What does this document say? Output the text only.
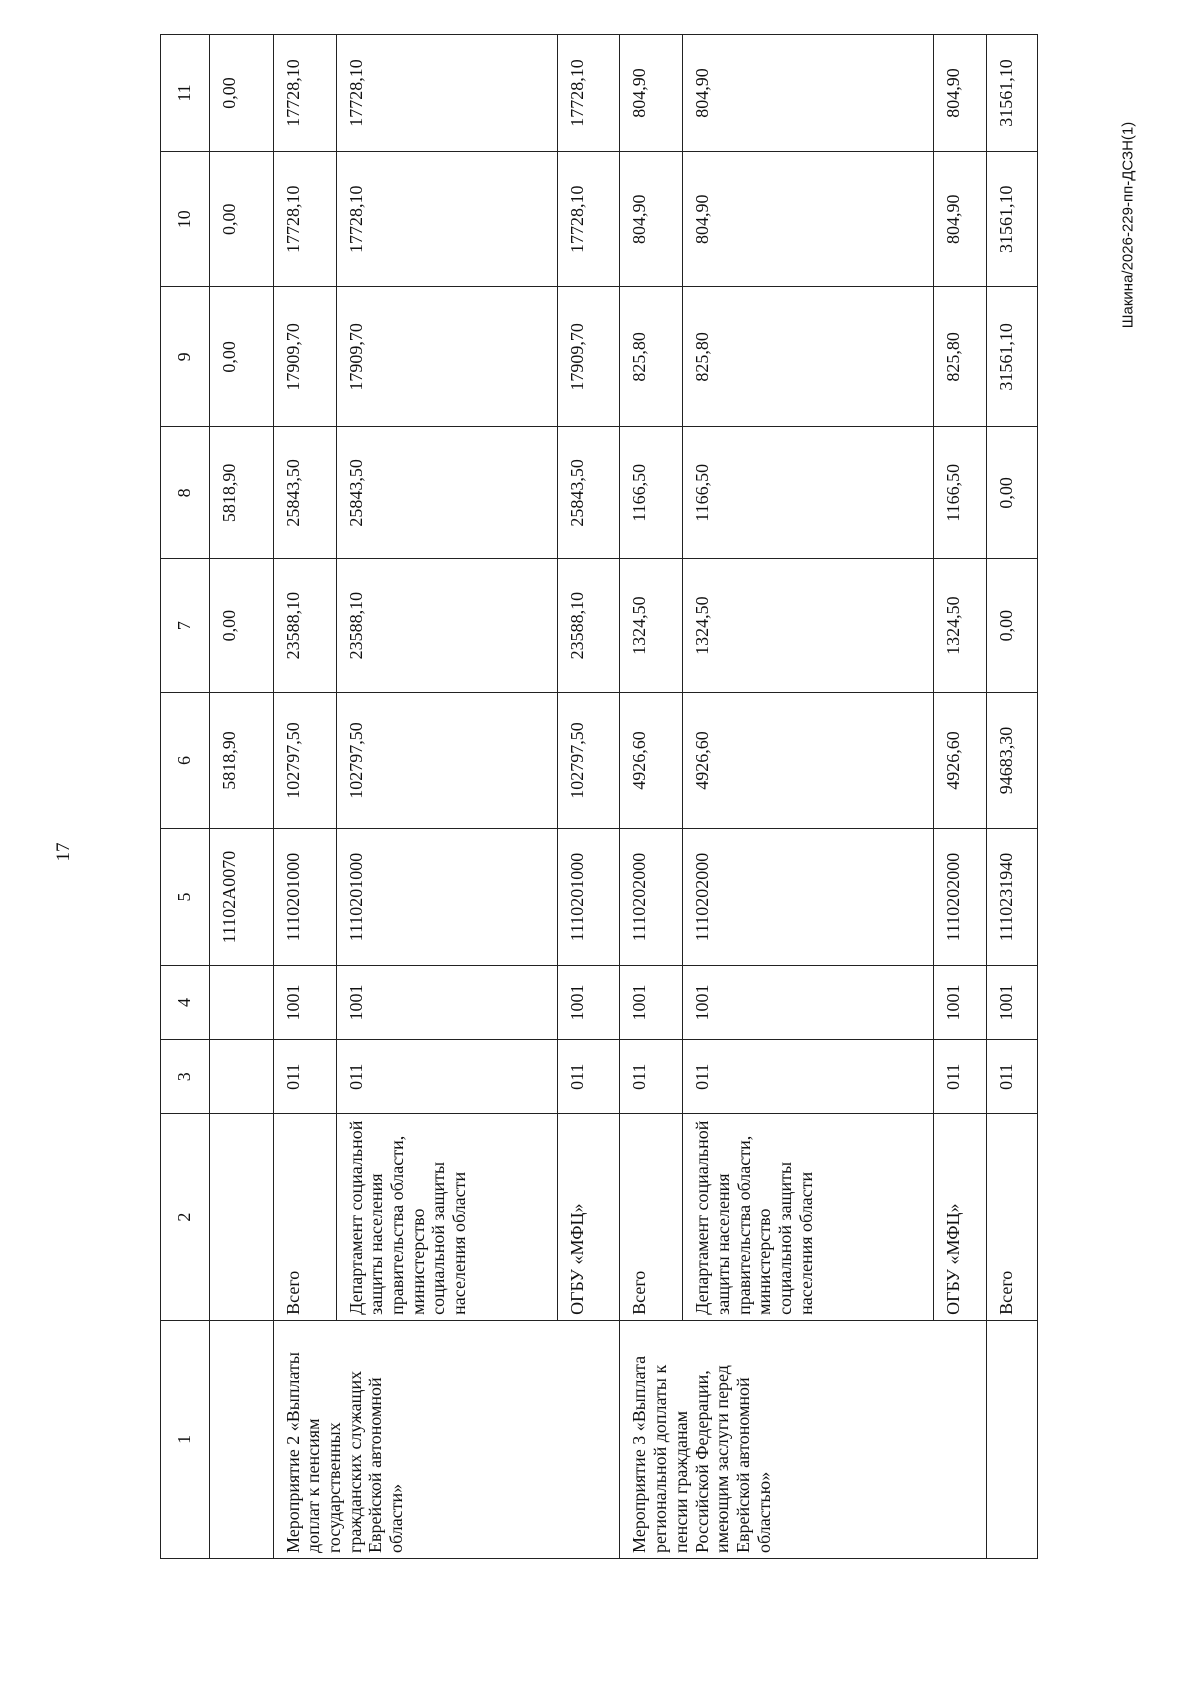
17
Шакина/2026-229-пп-ДСЗН(1)
1	2	3	4	5	6	7	8	9	10	11
				11102A0070	5818,90	0,00	5818,90	0,00	0,00	0,00
Мероприятие 2 «Выплаты доплат к пенсиям государственных гражданских служащих Еврейской автономной области»	Всего	011	1001	1110201000	102797,50	23588,10	25843,50	17909,70	17728,10	17728,10
	Департамент социальной защиты населения правительства области, министерство социальной защиты населения области	011	1001	1110201000	102797,50	23588,10	25843,50	17909,70	17728,10	17728,10
	ОГБУ «МФЦ»	011	1001	1110201000	102797,50	23588,10	25843,50	17909,70	17728,10	17728,10
Мероприятие 3 «Выплата региональной доплаты к пенсии гражданам Российской Федерации, имеющим заслуги перед Еврейской автономной областью»	Всего	011	1001	1110202000	4926,60	1324,50	1166,50	825,80	804,90	804,90
	Департамент социальной защиты населения правительства области, министерство социальной защиты населения области	011	1001	1110202000	4926,60	1324,50	1166,50	825,80	804,90	804,90
	ОГБУ «МФЦ»	011	1001	1110202000	4926,60	1324,50	1166,50	825,80	804,90	804,90
	Всего	011	1001	1110231940	94683,30	0,00	0,00	31561,10	31561,10	31561,10
